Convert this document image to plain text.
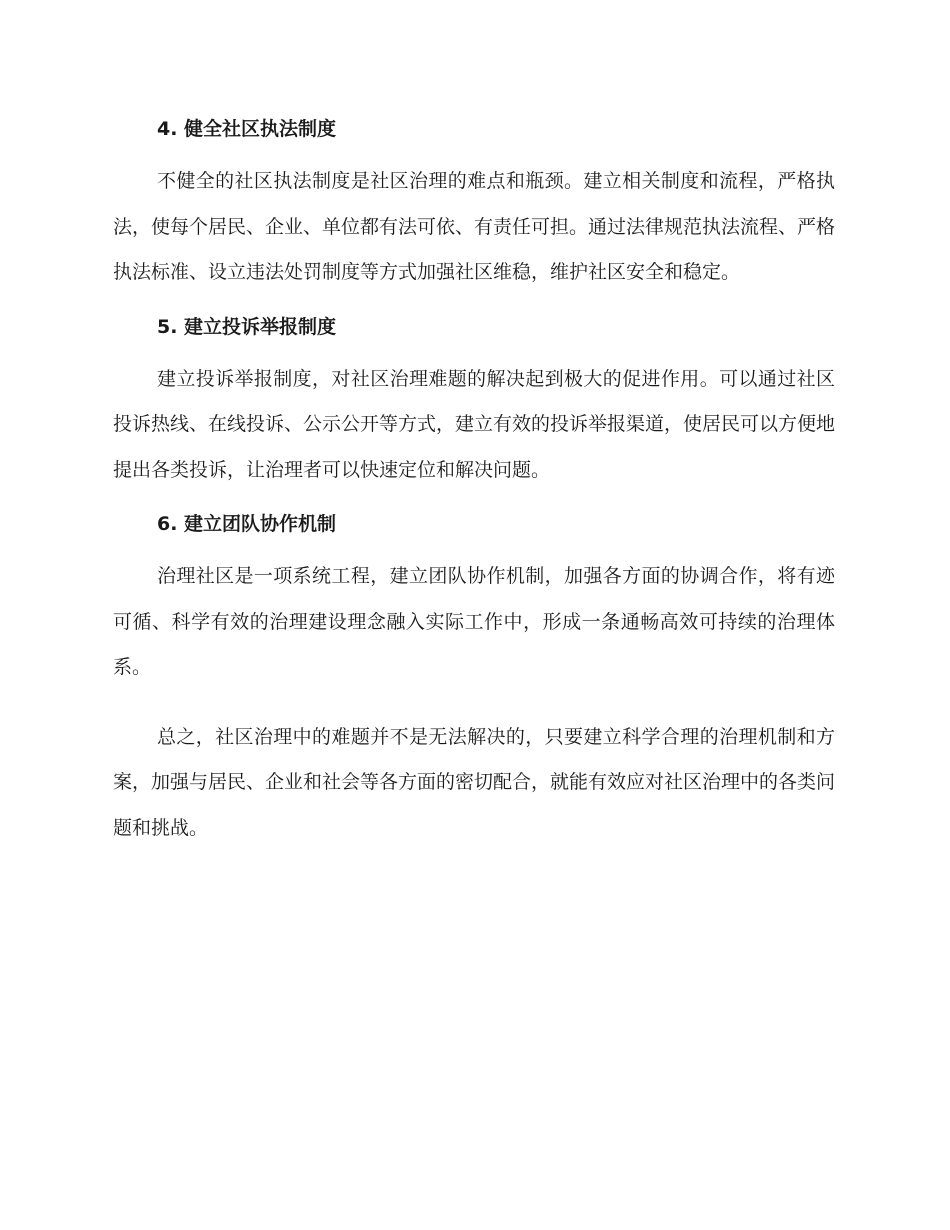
4. 健全社区执法制度

不健全的社区执法制度是社区治理的难点和瓶颈。建立相关制度和流程，严格执法，使每个居民、企业、单位都有法可依、有责任可担。通过法律规范执法流程、严格执法标准、设立违法处罚制度等方式加强社区维稳，维护社区安全和稳定。

5. 建立投诉举报制度

建立投诉举报制度，对社区治理难题的解决起到极大的促进作用。可以通过社区投诉热线、在线投诉、公示公开等方式，建立有效的投诉举报渠道，使居民可以方便地提出各类投诉，让治理者可以快速定位和解决问题。

6. 建立团队协作机制

治理社区是一项系统工程，建立团队协作机制，加强各方面的协调合作，将有迹可循、科学有效的治理建设理念融入实际工作中，形成一条通畅高效可持续的治理体系。

总之，社区治理中的难题并不是无法解决的，只要建立科学合理的治理机制和方案，加强与居民、企业和社会等各方面的密切配合，就能有效应对社区治理中的各类问题和挑战。
